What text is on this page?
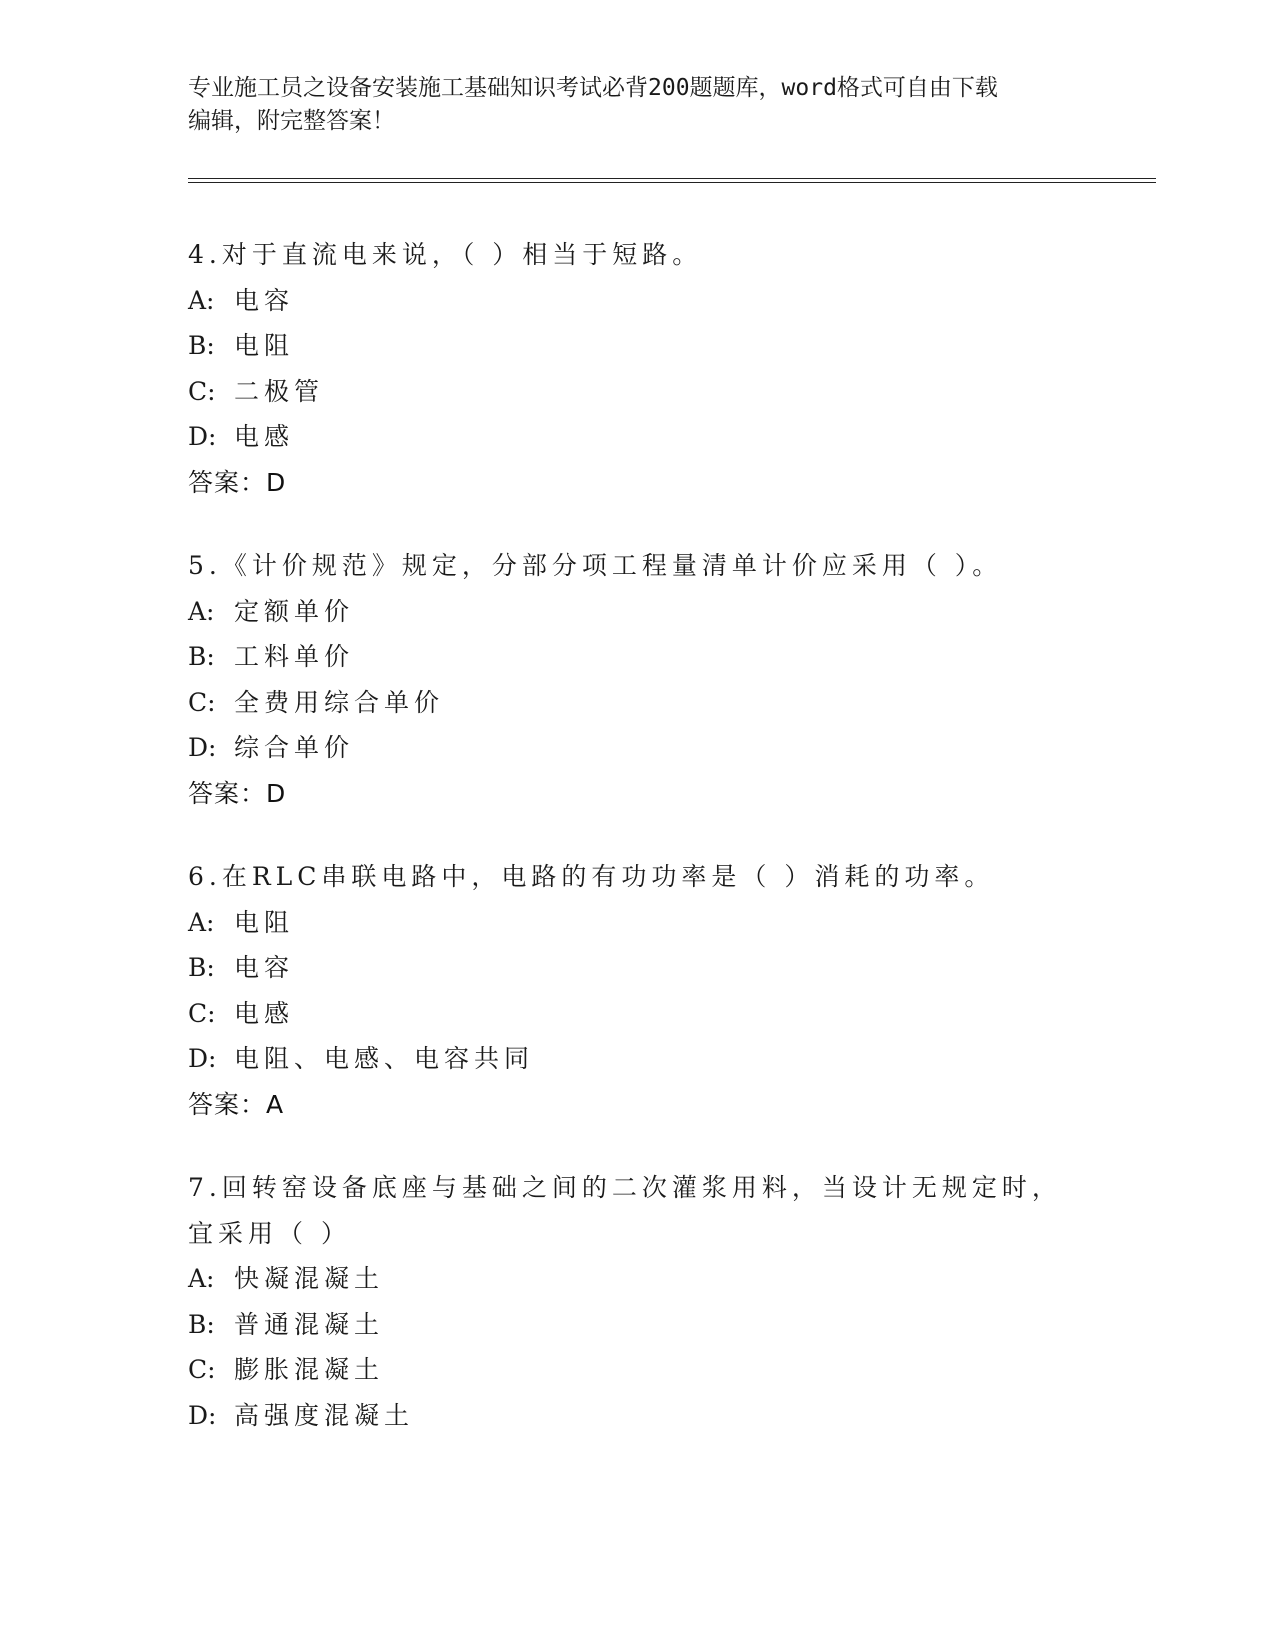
专业施工员之设备安装施工基础知识考试必背200题题库，word格式可自由下载
编辑，附完整答案！
4.对于直流电来说，（ ）相当于短路。
A: 电容
B: 电阻
C: 二极管
D: 电感
答案：D
5.《计价规范》规定，分部分项工程量清单计价应采用（ ）。
A: 定额单价
B: 工料单价
C: 全费用综合单价
D: 综合单价
答案：D
6.在RLC串联电路中，电路的有功功率是（ ）消耗的功率。
A: 电阻
B: 电容
C: 电感
D: 电阻、电感、电容共同
答案：A
7.回转窑设备底座与基础之间的二次灌浆用料，当设计无规定时，宜采用（ ）
A: 快凝混凝土
B: 普通混凝土
C: 膨胀混凝土
D: 高强度混凝土
